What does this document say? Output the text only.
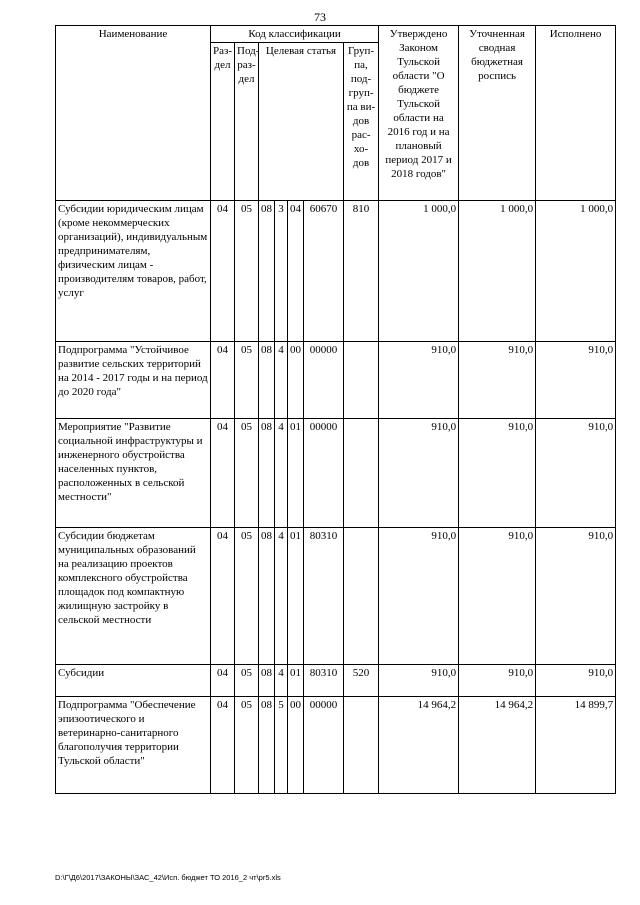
73
Наименование	Код классификации							Утверждено Законом Тульской области "О бюджете Тульской области на 2016 год и на плановый период 2017 и 2018 годов"	Уточненная сводная бюджетная роспись	Исполнено
	Раз-дел	Под-раз-дел	Целевая статья				Груп-па, под-груп-па ви-дов рас-хо-дов			
Субсидии юридическим лицам (кроме некоммерческих организаций), индивидуальным предпринимателям, физическим лицам - производителям товаров, работ, услуг	04	05	08	3	04	60670	810	1 000,0	1 000,0	1 000,0
Подпрограмма "Устойчивое развитие сельских территорий на 2014 - 2017 годы и на период до 2020 года"	04	05	08	4	00	00000		910,0	910,0	910,0
Мероприятие "Развитие социальной инфраструктуры и инженерного обустройства населенных пунктов, расположенных в сельской местности"	04	05	08	4	01	00000		910,0	910,0	910,0
Субсидии бюджетам муниципальных образований на реализацию проектов комплексного обустройства площадок под компактную жилищную застройку в сельской местности	04	05	08	4	01	80310		910,0	910,0	910,0
Субсидии	04	05	08	4	01	80310	520	910,0	910,0	910,0
Подпрограмма "Обеспечение эпизоотического и ветеринарно-санитарного благополучия территории Тульской области"	04	05	08	5	00	00000		14 964,2	14 964,2	14 899,7
D:\Г\Д6\2017\ЗАКОНЫ\ЗАС_42\Исп. бюджет ТО 2016_2 чт\pr5.xls
